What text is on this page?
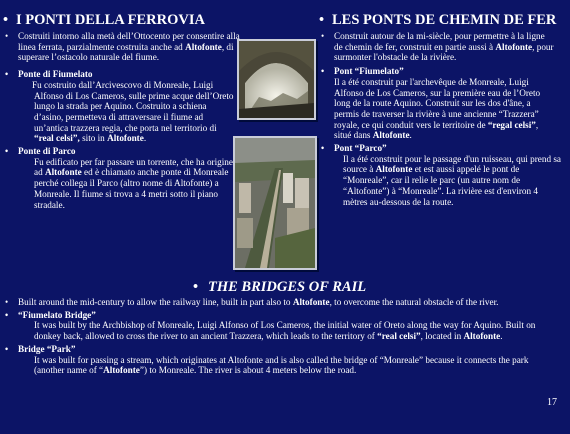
• I PONTI DELLA FERROVIA
• Costruiti intorno alla metà dell’Ottocento per consentire alla linea ferrata, parzialmente costruita anche ad Altofonte, di superare l’ostacolo naturale del fiume.
• Ponte di Fiumelato
Fu costruito dall’Arcivescovo di Monreale, Luigi Alfonso di Los Cameros, sulle prime acque dell’Oreto lungo la strada per Aquino. Costruito a schiena d’asino, permetteva di attraversare il fiume ad un’antica trazzera regia, che porta nel territorio di “real celsi”, sito in Altofonte.
• Ponte di Parco
Fu edificato per far passare un torrente, che ha origine ad Altofonte ed è chiamato anche ponte di Monreale perché collega il Parco (altro nome di Altofonte) a Monreale. Il fiume si trova a 4 metri sotto il piano stradale.
• LES PONTS DE CHEMIN DE FER
• Construit autour de la mi-siècle, pour permettre à la ligne de chemin de fer, construit en partie aussi à Altofonte, pour surmonter l'obstacle de la rivière.
• Pont “Fiumelato”
Il a été construit par l'archevêque de Monreale, Luigi Alfonso de Los Cameros, sur la première eau de l’Oreto long de la route Aquino. Construit sur les dos d'âne, a permis de traverser la rivière à une ancienne “Trazzera” royale, ce qui conduit vers le territoire de “regal celsi”, situé dans Altofonte.
• Pont “Parco”
Il a été construit pour le passage d'un ruisseau, qui prend sa source à Altofonte et est aussi appelé le pont de “Monreale”, car il relie le parc (un autre nom de “Altofonte”) à “Monreale”. La rivière est d'environ 4 mètres au-dessous de la route.
• THE BRIDGES OF RAIL
• Built around the mid-century to allow the railway line, built in part also to Altofonte, to overcome the natural obstacle of the river.
• “Fiumelato Bridge”
It was built by the Archbishop of Monreale, Luigi Alfonso of Los Cameros, the initial water of Oreto along the way for Aquino. Built on donkey back, allowed to cross the river to an ancient Trazzera, which leads to the territory of “real celsi”, located in Altofonte.
• Bridge “Park”
It was built for passing a stream, which originates at Altofonte and is also called the bridge of “Monreale” because it connects the park (another name of “Altofonte”) to Monreale. The river is about 4 meters below the road.
17
